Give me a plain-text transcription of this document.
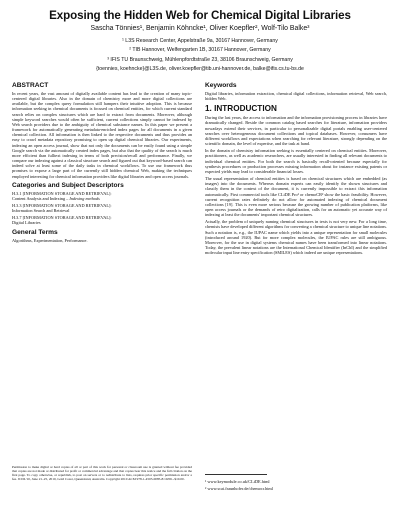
Exposing the Hidden Web for Chemical Digital Libraries
Sascha Tönnies¹, Benjamin Köhncke¹, Oliver Koepfler², Wolf-Tilo Balke³
¹ L3S Research Center, Appelstraße 9a, 30167 Hannover, Germany
² TIB Hannover, Welfengarten 1B, 30167 Hannover, Germany
³ IFIS TU Braunschweig, Mühlenpfordtstraße 23, 38106 Braunschweig, Germany
{toennies, koehncke}@L3S.de, oliver.koepfler@tib.uni-hannover.de, balke@ifis.cs.tu-bs.de
ABSTRACT

In recent years, the vast amount of digitally available content has lead to the creation of many topic-centered digital libraries. Also in the domain of chemistry more and more digital collections are available, but the complex query formulation still hampers their intuitive adoption. This is because information seeking in chemical documents is focused on chemical entities, for which current standard search relies on complex structures which are hard to extract from documents. Moreover, although simple keyword searches would often be sufficient, current collections simply cannot be indexed by Web search providers due to the ambiguity of chemical substance names. In this paper we present a framework for automatically generating metadata-enriched index pages for all documents in a given chemical collection. All information is then linked to the respective documents and thus provides an easy to crawl metadata repository promising to open up digital chemical libraries. Our experiments, indexing an open access journal, show that not only the documents can be easily found using a simple Google search via the automatically created index pages, but also that the quality of the search is much more efficient than fulltext indexing in terms of both precision/recall and performance. Finally, we compare our indexing against a classical structure search and figured out that keyword-based search can indeed solve at least some of the daily tasks in chemical workflows. To use our framework thus promises to expose a large part of the currently still hidden chemical Web, making the techniques employed interesting for chemical information providers like digital libraries and open access journals.

Categories and Subject Descriptors
H.3.1 [INFORMATION STORAGE AND RETRIEVAL]:
Content Analysis and Indexing – Indexing methods
H.3.3 [INFORMATION STORAGE AND RETRIEVAL]:
Information Search and Retrieval
H.3.7 [INFORMATION STORAGE AND RETRIEVAL]:
Digital Libraries
General Terms

Algorithms, Experimentation, Performance.

Permission to make digital or hard copies of all or part of this work for personal or classroom use is granted without fee provided that copies are not made or distributed for profit or commercial advantage and that copies bear this notice and the full citation on the first page. To copy otherwise, or republish, to post on servers or to redistribute to lists, requires prior specific permission and/or a fee. JCDL'10, June 21–25, 2010, Gold Coast, Queensland, Australia. Copyright 2010 ACM 978-1-4503-0085-8/10/06...$10.00.
Keywords

Digital libraries, information extraction, chemical digital collections, information retrieval, Web search, hidden Web.

1. INTRODUCTION

During the last years, the access to information and the information provisioning process in libraries have dramatically changed. Beside the common catalog based searches for literature, information providers nowadays extend their services, in particular to personalizable digital portals enabling user-centered searches over heterogeneous document collections and topical databases. However, consumers have different workflows and expectations when searching for relevant literature, strongly depending on the scientific domain, the level of expertise, and the task at hand.

In the domain of chemistry information seeking is essentially centered on chemical entities. Moreover, practitioners, as well as academic researchers, are usually interested in finding all relevant documents to individual chemical entities. For both the search is basically recall-oriented because especially for synthesis procedures or production processes missing information about for instance existing patents or expected yields may lead to considerable financial losses.

The usual representation of chemical entities is based on chemical structures which are embedded (as images) into the documents. Whereas domain experts can easily identify the shown structures and classify them in the context of the document, it is currently impossible to extract this information automatically. First commercial tools like CLiDE Pro¹ or chemoCR² show the basic feasibility. However, current recognition rates definitely do not allow for automated indexing of chemical document collections [19]. This is even more serious because the growing number of publication platforms, like open access journals or the demands of retro digitalization, calls for an automatic yet accurate way of indexing at least the documents' important chemical structures.

Actually, the problem of uniquely naming chemical structures in texts is not very new. For a long time, chemists have developed different algorithms for converting a chemical structure to unique line notations. Such a notation is, e.g., the IUPAC name which yields into a unique representation for small molecules (introduced around 1920). But for more complex molecules, the IUPAC rules are still ambiguous. Moreover, for the use in digital systems chemical names have been transformed into linear notations. Today, the prevalent linear notations are the International Chemical Identifier (InChI) and the simplified molecular input line entry specification (SMILES) which indeed are unique representations.

¹ www.keymodule.co.uk/CLiDE.html
² www.scai.fraunhofer.de/chemocr.html
